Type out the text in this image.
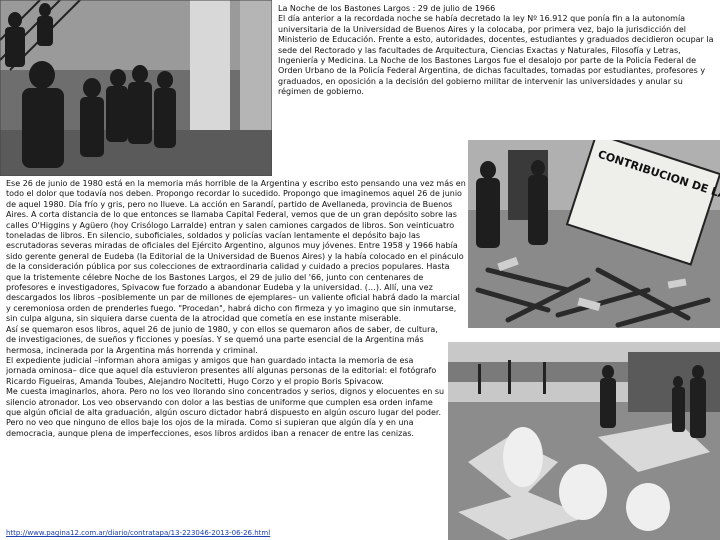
La Noche de los Bastones Largos : 29 de julio de 1966
El día anterior a la recordada noche se había decretado la ley Nº 16.912 que ponía fin a la autonomía universitaria de la Universidad de Buenos Aires y la colocaba, por primera vez, bajo la jurisdicción del Ministerio de Educación. Frente a esto, autoridades, docentes, estudiantes y graduados decidieron ocupar la sede del Rectorado y las facultades de Arquitectura, Ciencias Exactas y Naturales, Filosofía y Letras, Ingeniería y Medicina. La Noche de los Bastones Largos fue el desalojo por parte de la Policía Federal de Orden Urbano de la Policía Federal Argentina, de dichas facultades, tomadas por estudiantes, profesores y graduados, en oposición a la decisión del gobierno militar de intervenir las universidades y anular su régimen de gobierno.
Ese 26 de junio de 1980 está en la memoria más horrible de la Argentina y escribo esto pensando una vez más en todo el dolor que todavía nos deben. Propongo recordar lo sucedido. Propongo que imaginemos aquel 26 de junio de aquel 1980. Día frío y gris, pero no llueve. La acción en Sarandí, partido de Avellaneda, provincia de Buenos Aires. A corta distancia de lo que entonces se llamaba Capital Federal, vemos que de un gran depósito sobre las calles O'Higgins y Agüero (hoy Crisólogo Larralde) entran y salen camiones cargados de libros. Son veinticuatro toneladas de libros. En silencio, suboficiales, soldados y policías vacían lentamente el depósito bajo las escrutadoras severas miradas de oficiales del Ejército Argentino, algunos muy jóvenes. Entre 1958 y 1966 había sido gerente general de Eudeba (la Editorial de la Universidad de Buenos Aires) y la había colocado en el pináculo de la consideración pública por sus colecciones de extraordinaria calidad y cuidado a precios populares. Hasta que la tristemente célebre Noche de los Bastones Largos, el 29 de julio del '66, junto con centenares de profesores e investigadores, Spivacow fue forzado a abandonar Eudeba y la universidad. (…). Allí, una vez descargados los libros –posiblemente un par de millones de ejemplares– un valiente oficial habrá dado la marcial y ceremoniosa orden de prenderles fuego. "Procedan", habrá dicho con firmeza y yo imagino que sin inmutarse, sin culpa alguna, sin siquiera darse cuenta de la atrocidad que cometía en ese instante miserable.
Así se quemaron esos libros, aquel 26 de junio de 1980, y con ellos se quemaron años de saber, de cultura, de investigaciones, de sueños y ficciones y poesías. Y se quemó una parte esencial de la Argentina más hermosa, incinerada por la Argentina más horrenda y criminal.
El expediente judicial –informan ahora amigas y amigos que han guardado intacta la memoria de esa jornada ominosa– dice que aquel día estuvieron presentes allí algunas personas de la editorial: el fotógrafo Ricardo Figueiras, Amanda Toubes, Alejandro Nocitetti, Hugo Corzo y el propio Boris Spivacow.
Me cuesta imaginarlos, ahora. Pero no los veo llorando sino concentrados y serios, dignos y elocuentes en su silencio atronador. Los veo observando con dolor a las bestias de uniforme que cumplen esa orden infame que algún oficial de alta graduación, algún oscuro dictador habrá dispuesto en algún oscuro lugar del poder. Pero no veo que ninguno de ellos baje los ojos de la mirada. Como si supieran que algún día y en una democracia, aunque plena de imperfecciones, esos libros ardidos iban a renacer de entre las cenizas.
http://www.pagina12.com.ar/diario/contratapa/13-223046-2013-06-26.html
